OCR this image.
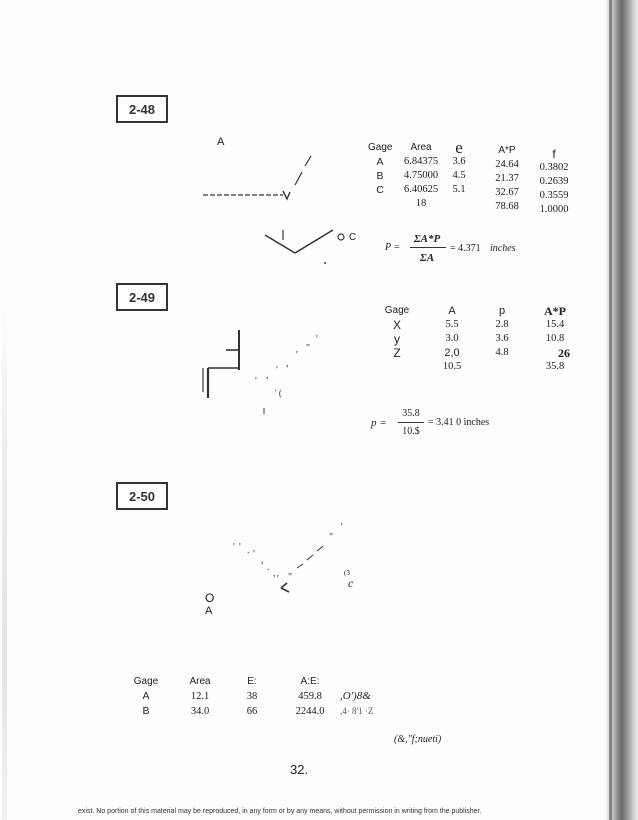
2-48
A
C
Gage
A
B
C
Area
6.84375
4.75000
6.40625
18
e
3.6
4.5
5.1
A*P
24.64
21.37
32.67
78.68
f
0.3802
0.2639
0.3559
1.0000
P =
ΣA*P
ΣA
= 4.371 inches
2-49
'
, '
,
'
"
'
' (
Gage
X
y
Z
A
5.5
3.0
2,0
10.5
p
2.8
3.6
4.8
A*P
15.4
10.8
26
35.8
p =
35.8
10.$
= 3.41 0 inches
2-50
' ' . '
,
.
,
' "
"
'
(3
c
O
A
Gage
A
B
Area
12.1
34.0
E:
38
66
A:E:
459.8
2244.0

,O')8&
,4· 8'1 ·Z
(&,"f;nueti)
32.
exist. No portion of this material may be reproduced, in any form or by any means, without permission in writing from the publisher.
